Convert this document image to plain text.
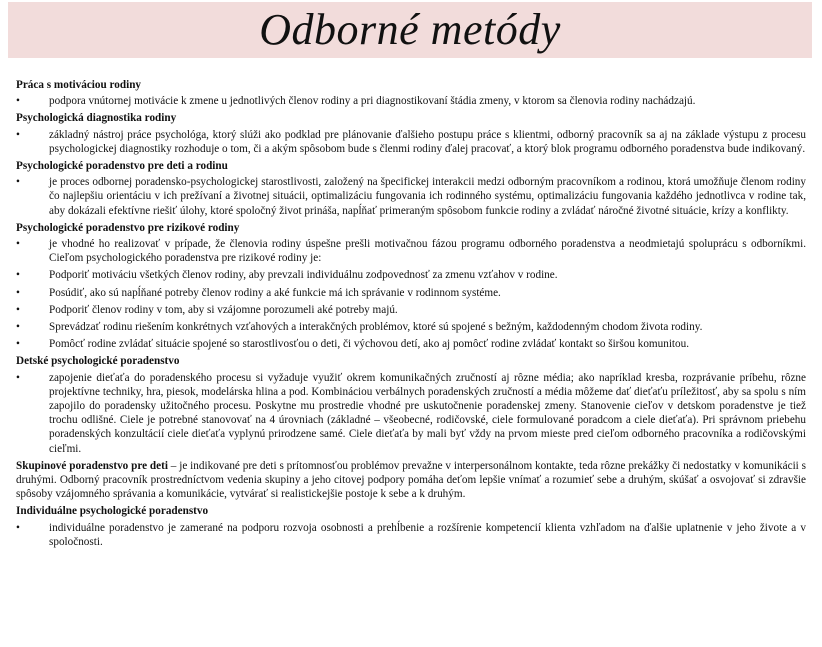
Odborné metódy
Práca s motiváciou rodiny
•	podpora vnútornej motivácie k zmene u jednotlivých členov rodiny a pri diagnostikovaní štádia zmeny, v ktorom sa členovia rodiny nachádzajú.
Psychologická diagnostika rodiny
•	základný nástroj práce psychológa, ktorý slúži ako podklad pre plánovanie ďalšieho postupu práce s klientmi, odborný pracovník sa aj na základe výstupu z procesu psychologickej diagnostiky rozhoduje o tom, či a akým spôsobom bude s členmi rodiny ďalej pracovať, a ktorý blok programu odborného poradenstva bude indikovaný.
Psychologické poradenstvo pre deti a rodinu
•	je proces odbornej poradensko-psychologickej starostlivosti, založený na špecifickej interakcii medzi odborným pracovníkom a rodinou, ktorá umožňuje členom rodiny čo najlepšiu orientáciu v ich prežívaní a životnej situácii, optimalizáciu fungovania ich rodinného systému, optimalizáciu fungovania každého jednotlivca v rodine tak, aby dokázali efektívne riešiť úlohy, ktoré spoločný život prináša, napĺňať primeraným spôsobom funkcie rodiny a zvládať náročné životné situácie, krízy a konflikty.
Psychologické poradenstvo pre rizikové rodiny
•	je vhodné ho realizovať v prípade, že členovia rodiny úspešne prešli motivačnou fázou programu odborného poradenstva a neodmietajú spoluprácu s odborníkmi. Cieľom psychologického poradenstva pre rizikové rodiny je:
•	Podporiť motiváciu všetkých členov rodiny, aby prevzali individuálnu zodpovednosť za zmenu vzťahov v rodine.
•	Posúdiť, ako sú napĺňané potreby členov rodiny a aké funkcie má ich správanie v rodinnom systéme.
•	Podporiť členov rodiny v tom, aby si vzájomne porozumeli aké potreby majú.
•	Sprevádzať rodinu riešením konkrétnych vzťahových a interakčných problémov, ktoré sú spojené s bežným, každodenným chodom života rodiny.
•	Pomôcť rodine zvládať situácie spojené so starostlivosťou o deti, či výchovou detí, ako aj pomôcť rodine zvládať kontakt so širšou komunitou.
Detské psychologické poradenstvo
•	zapojenie dieťaťa do poradenského procesu si vyžaduje využiť okrem komunikačných zručností aj rôzne média; ako napríklad kresba, rozprávanie príbehu, rôzne projektívne techniky, hra, piesok, modelárska hlina a pod. Kombináciou verbálnych poradenských zručností a média môžeme dať dieťaťu príležitosť, aby sa spolu s ním zapojilo do poradensky užitočného procesu. Poskytne mu prostredie vhodné pre uskutočnenie poradenskej zmeny. Stanovenie cieľov v detskom poradenstve je tiež trochu odlišné. Ciele je potrebné stanovovať na 4 úrovniach (základné – všeobecné, rodičovské, ciele formulované poradcom a ciele dieťaťa). Pri správnom priebehu poradenských konzultácií ciele dieťaťa vyplynú prirodzene samé. Ciele dieťaťa by mali byť vždy na prvom mieste pred cieľom odborného pracovníka a rodičovskými cieľmi.
Skupinové poradenstvo pre deti – je indikované pre deti s prítomnosťou problémov prevažne v interpersonálnom kontakte, teda rôzne prekážky či nedostatky v komunikácii s druhými. Odborný pracovník prostredníctvom vedenia skupiny a jeho citovej podpory pomáha deťom lepšie vnímať a rozumieť sebe a druhým, skúšať a osvojovať si zdravšie spôsoby vzájomného správania a komunikácie, vytvárať si realistickejšie postoje k sebe a k druhým.
Individuálne psychologické poradenstvo
•	individuálne poradenstvo je zamerané na podporu rozvoja osobnosti a prehĺbenie a rozšírenie kompetencií klienta vzhľadom na ďalšie uplatnenie v jeho živote a v spoločnosti.
